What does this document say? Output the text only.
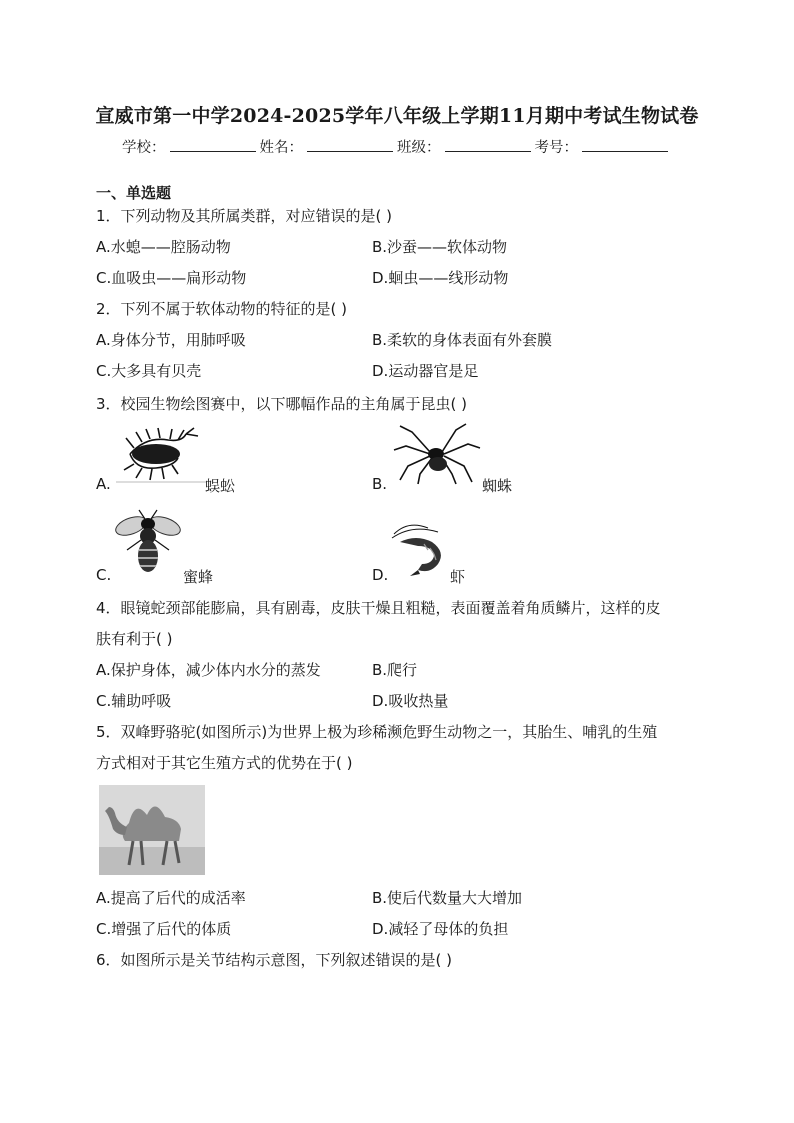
宣威市第一中学2024-2025学年八年级上学期11月期中考试生物试卷
学校：	姓名：	班级：	考号：
一、单选题
1．下列动物及其所属类群，对应错误的是( )
A.水螅——腔肠动物	B.沙蚕——软体动物
C.血吸虫——扁形动物	D.蛔虫——线形动物
2．下列不属于软体动物的特征的是( )
A.身体分节，用肺呼吸	B.柔软的身体表面有外套膜
C.大多具有贝壳	D.运动器官是足
3．校园生物绘图赛中，以下哪幅作品的主角属于昆虫( )
A.	蜈蚣	B.	蜘蛛
C.	蜜蜂	D.	虾
4．眼镜蛇颈部能膨扁，具有剧毒，皮肤干燥且粗糙，表面覆盖着角质鳞片，这样的皮
肤有利于( )
A.保护身体，减少体内水分的蒸发	B.爬行
C.辅助呼吸	D.吸收热量
5．双峰野骆驼(如图所示)为世界上极为珍稀濒危野生动物之一，其胎生、哺乳的生殖
方式相对于其它生殖方式的优势在于( )
A.提高了后代的成活率	B.使后代数量大大增加
C.增强了后代的体质	D.减轻了母体的负担
6．如图所示是关节结构示意图，下列叙述错误的是( )
